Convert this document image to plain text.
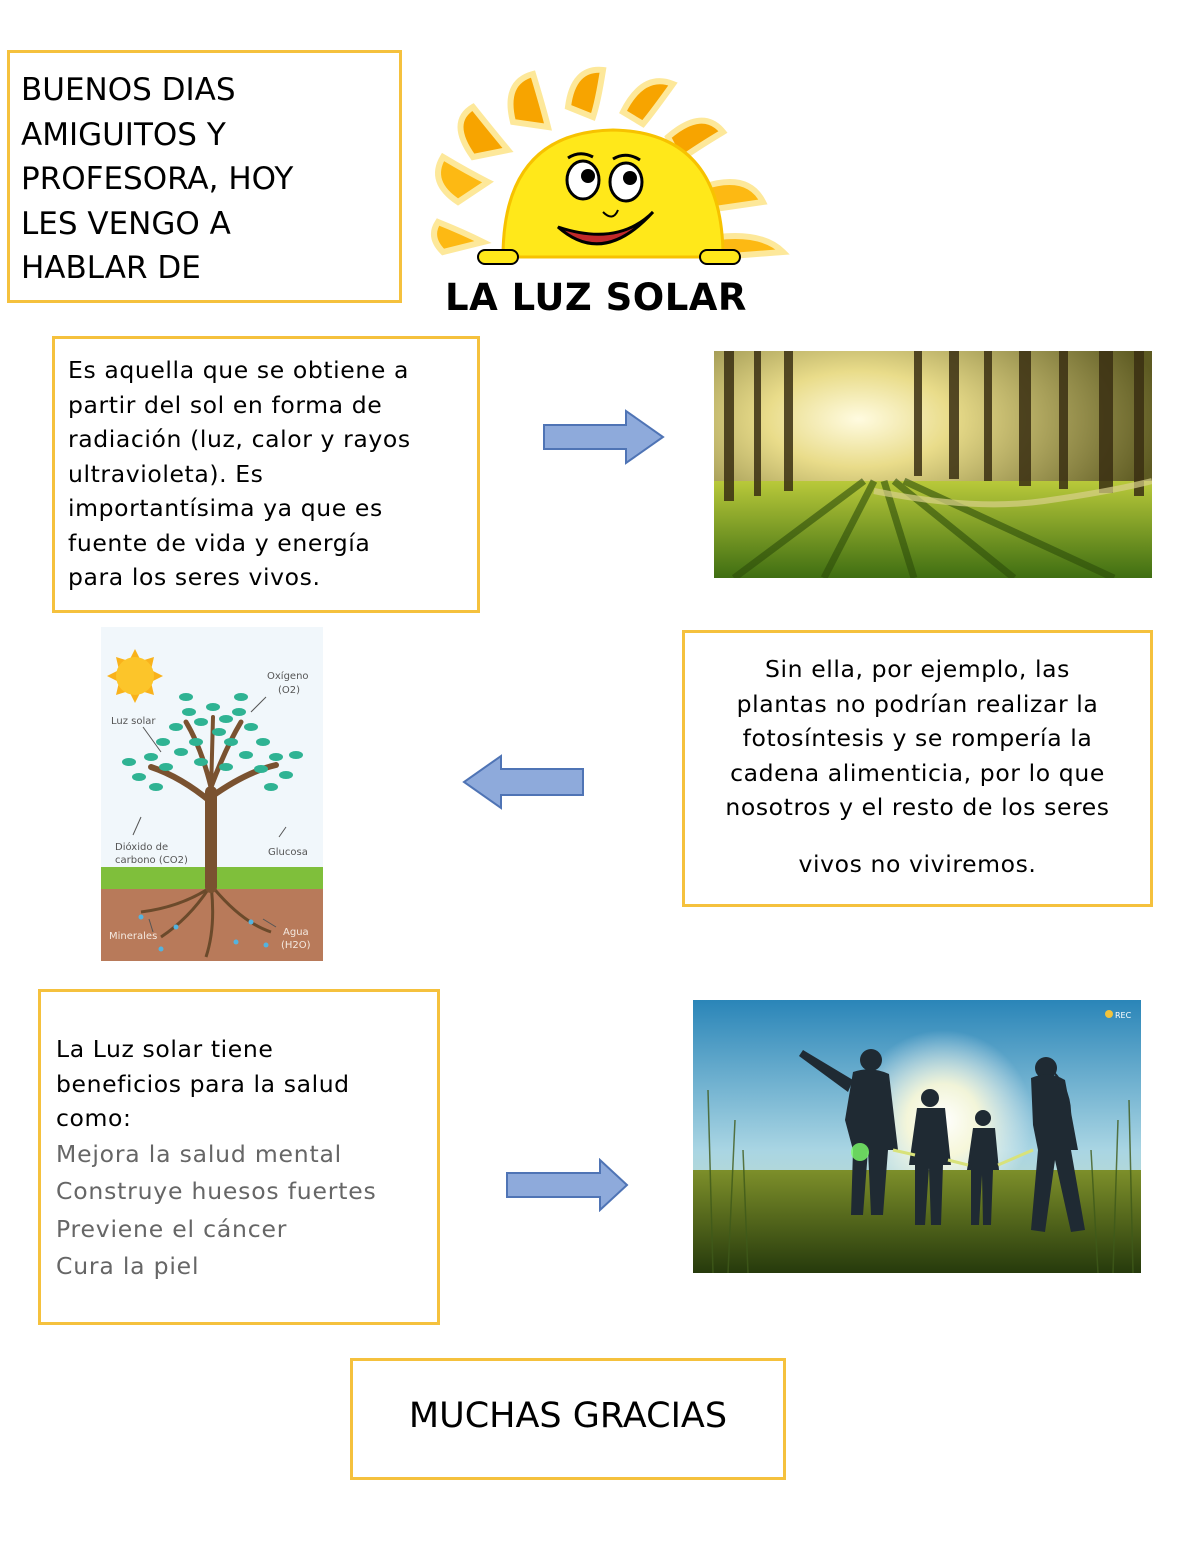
BUENOS DIAS
AMIGUITOS Y
PROFESORA, HOY
LES VENGO A
HABLAR DE
LA LUZ SOLAR
Es aquella que se obtiene a
partir del sol en forma de
radiación (luz, calor y rayos
ultravioleta). Es
importantísima ya que es
fuente de vida y energía
para los seres vivos.
Oxígeno
(O2)
Luz solar
Dióxido de
carbono (CO2)
Glucosa
Minerales	Agua
(H2O)
Sin ella, por ejemplo, las
plantas no podrían realizar la
fotosíntesis y se rompería la
cadena alimenticia, por lo que
nosotros y el resto de los seres
vivos no viviremos.
La Luz solar tiene
beneficios para la salud
como:
Mejora la salud mental
Construye huesos fuertes
Previene el cáncer
Cura la piel
REC
MUCHAS GRACIAS
